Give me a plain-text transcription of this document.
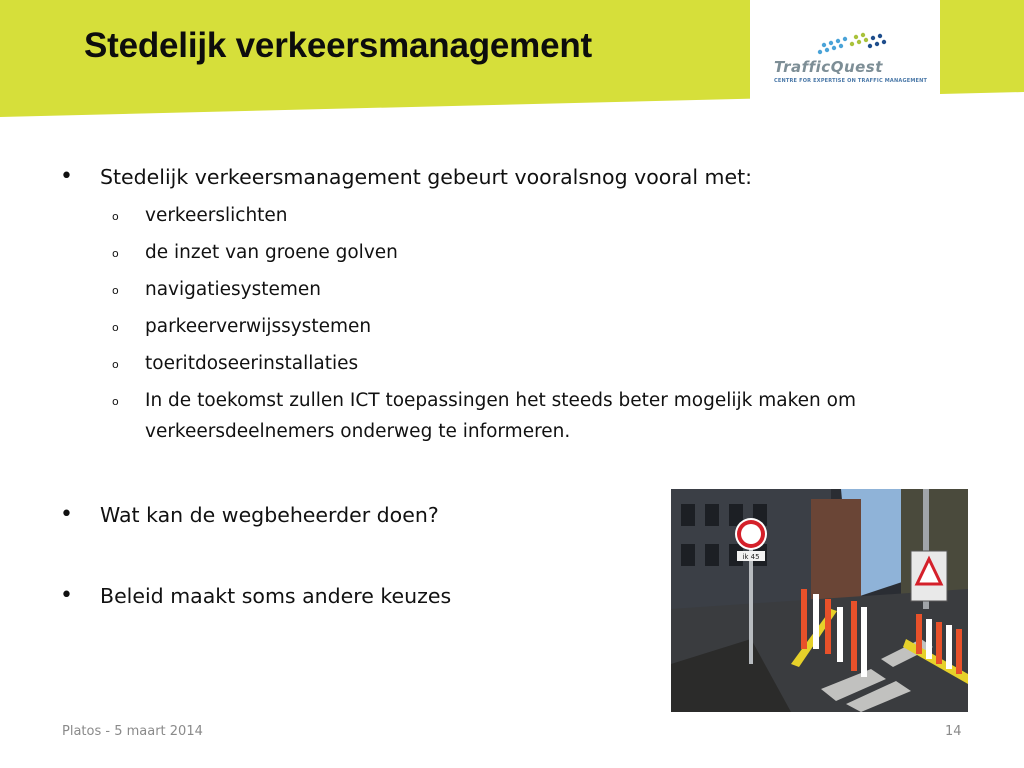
Stedelijk verkeersmanagement

TrafficQuest

CENTRE FOR EXPERTISE ON TRAFFIC MANAGEMENT

• Stedelijk verkeersmanagement gebeurt vooralsnog vooral met:
o verkeerslichten
o de inzet van groene golven
o navigatiesystemen
o parkeerverwijssystemen
o toeritdoseerinstallaties
o In de toekomst zullen ICT toepassingen het steeds beter mogelijk maken om verkeersdeelnemers onderweg te informeren.
• Wat kan de wegbeheerder doen?
• Beleid maakt soms andere keuzes
ik 45

Platos - 5 maart 2014	14
